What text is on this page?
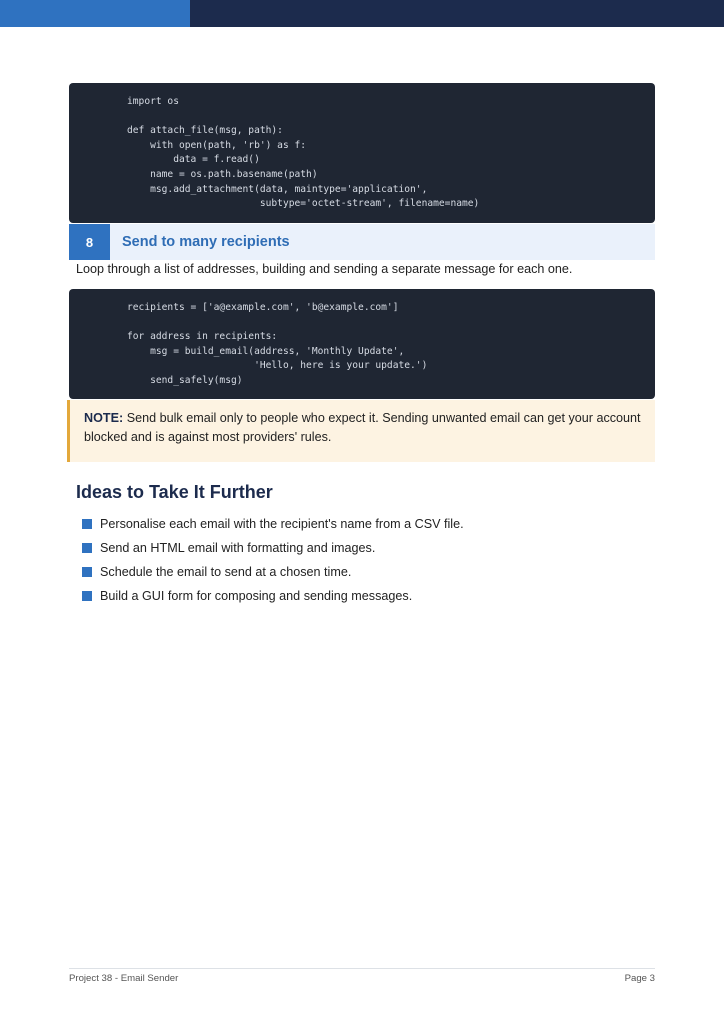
import os

def attach_file(msg, path):
with open(path, 'rb') as f:
data = f.read()
name = os.path.basename(path)
msg.add_attachment(data, maintype='application',
subtype='octet-stream', filename=name)
8	Send to many recipients
Loop through a list of addresses, building and sending a separate message for each one.
recipients = ['a@example.com', 'b@example.com']

for address in recipients:
msg = build_email(address, 'Monthly Update',
'Hello, here is your update.')
send_safely(msg)
NOTE: Send bulk email only to people who expect it. Sending unwanted email can get your account blocked and is against most providers' rules.
Ideas to Take It Further
Personalise each email with the recipient's name from a CSV file.
Send an HTML email with formatting and images.
Schedule the email to send at a chosen time.
Build a GUI form for composing and sending messages.
Project 38 - Email Sender	Page 3
